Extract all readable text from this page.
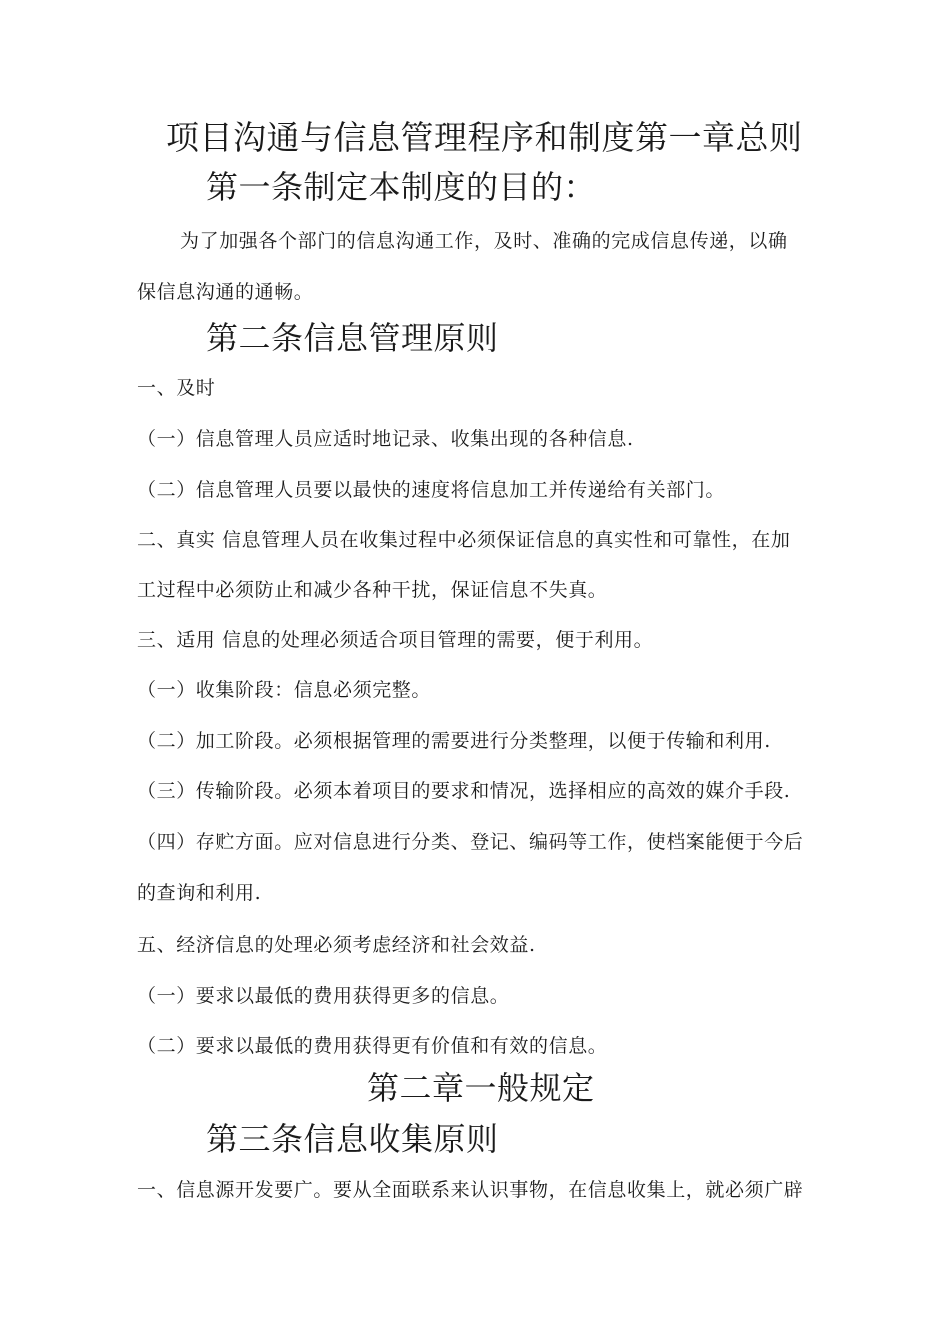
项目沟通与信息管理程序和制度第一章总则

第一条制定本制度的目的：

为了加强各个部门的信息沟通工作，及时、准确的完成信息传递，以确

保信息沟通的通畅。

第二条信息管理原则

一、及时

（一）信息管理人员应适时地记录、收集出现的各种信息.

（二）信息管理人员要以最快的速度将信息加工并传递给有关部门。

二、真实 信息管理人员在收集过程中必须保证信息的真实性和可靠性，在加

工过程中必须防止和减少各种干扰，保证信息不失真。

三、适用 信息的处理必须适合项目管理的需要，便于利用。

（一）收集阶段：信息必须完整。

（二）加工阶段。必须根据管理的需要进行分类整理，以便于传输和利用.

（三）传输阶段。必须本着项目的要求和情况，选择相应的高效的媒介手段.

（四）存贮方面。应对信息进行分类、登记、编码等工作，使档案能便于今后

的查询和利用.

五、经济信息的处理必须考虑经济和社会效益.

（一）要求以最低的费用获得更多的信息。

（二）要求以最低的费用获得更有价值和有效的信息。

第二章一般规定

第三条信息收集原则

一、信息源开发要广。要从全面联系来认识事物，在信息收集上，就必须广辟
